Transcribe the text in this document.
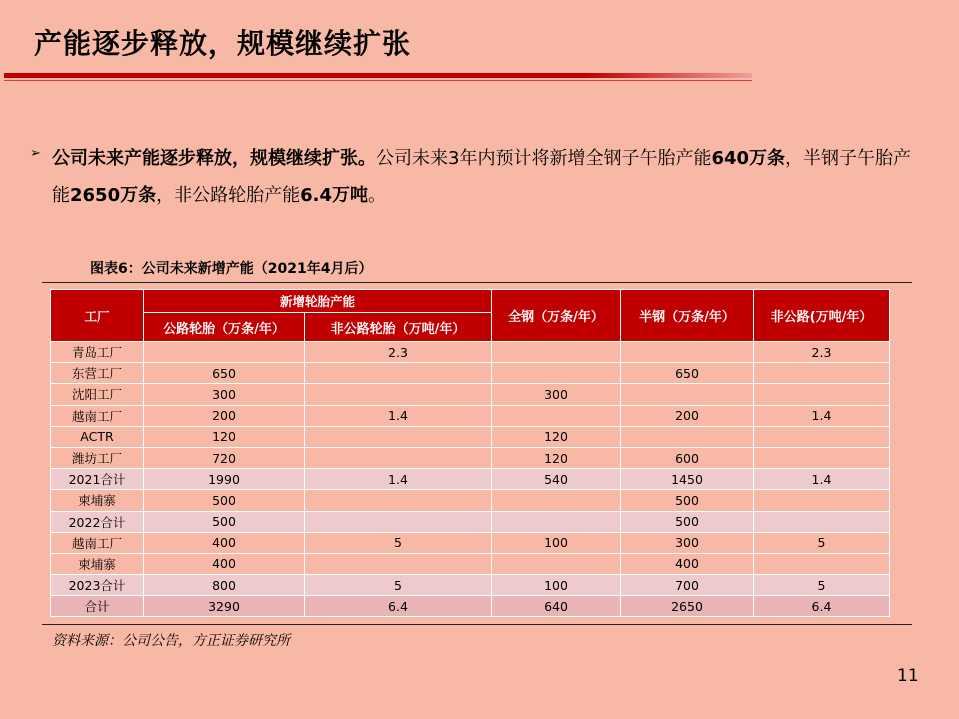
产能逐步释放，规模继续扩张
➢ 公司未来产能逐步释放，规模继续扩张。公司未来3年内预计将新增全钢子午胎产能640万条，半钢子午胎产能2650万条，非公路轮胎产能6.4万吨。
图表6：公司未来新增产能（2021年4月后）
工厂	新增轮胎产能		全钢（万条/年）	半钢（万条/年）	非公路(万吨/年）
	公路轮胎（万条/年）	非公路轮胎（万吨/年）			
青岛工厂		2.3			2.3
东营工厂	650			650	
沈阳工厂	300		300		
越南工厂	200	1.4		200	1.4
ACTR	120		120		
潍坊工厂	720		120	600	
2021合计	1990	1.4	540	1450	1.4
柬埔寨	500			500	
2022合计	500			500	
越南工厂	400	5	100	300	5
柬埔寨	400			400	
2023合计	800	5	100	700	5
合计	3290	6.4	640	2650	6.4
资料来源：公司公告，方正证券研究所
11
